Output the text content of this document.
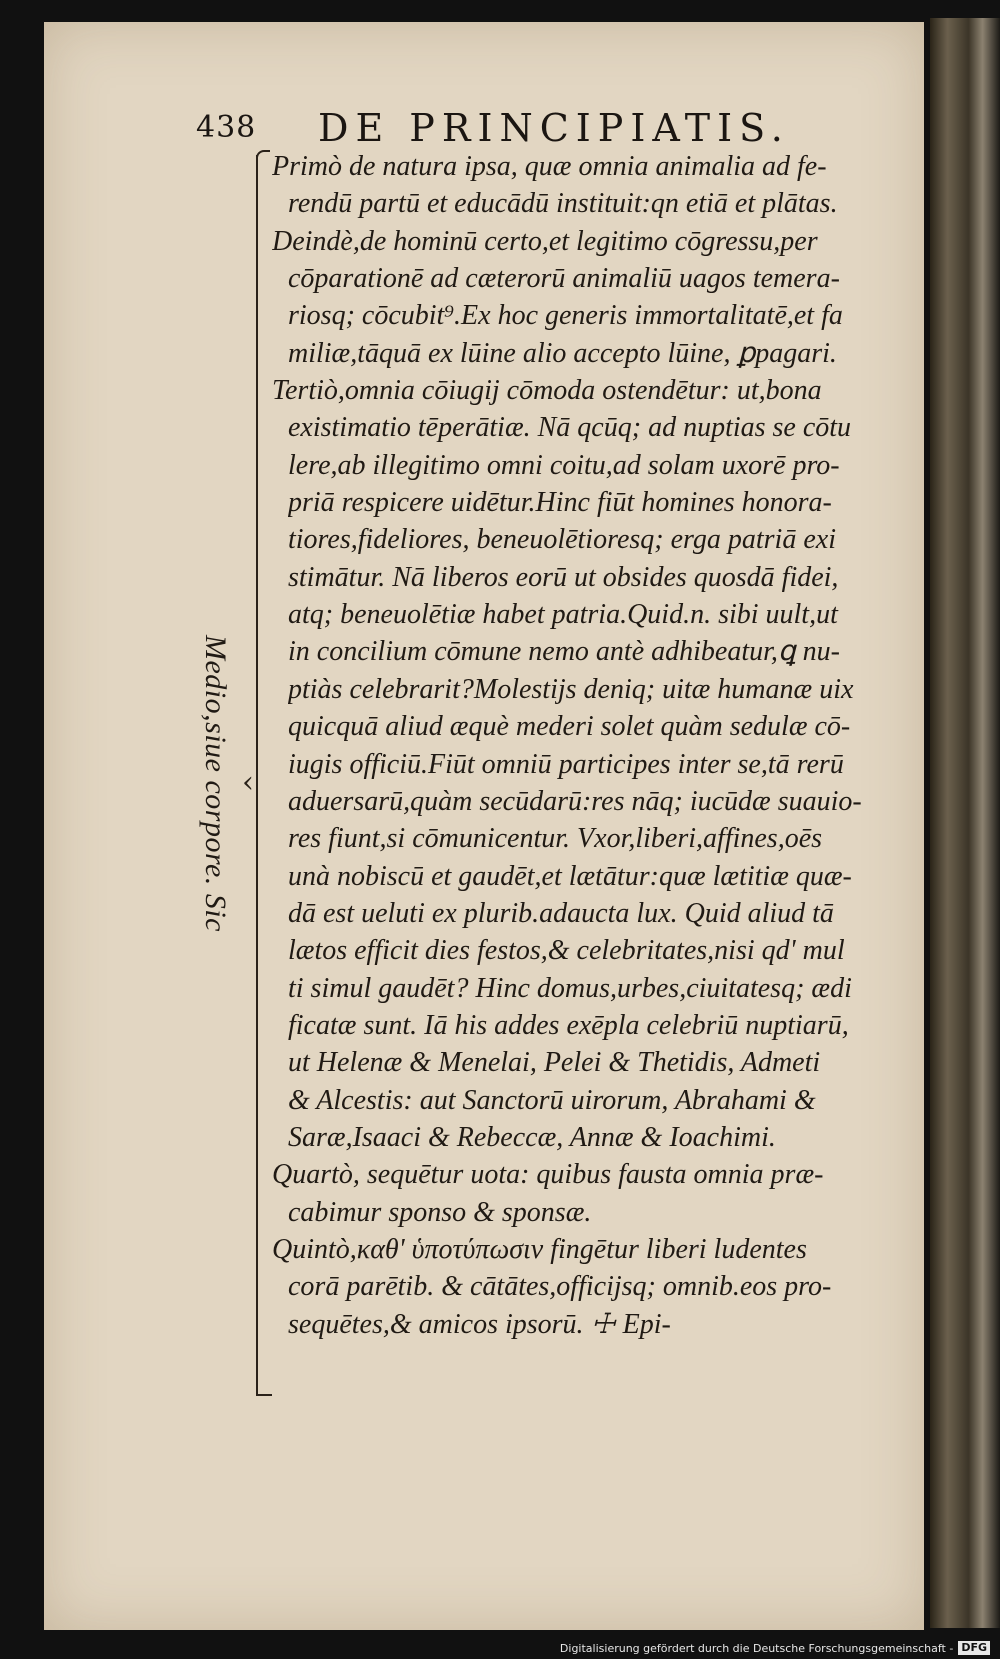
438 DE PRINCIPIATIS.
‹
Medio,siue corpore. Sic
Primò de natura ipsa, quæ omnia animalia ad fe-
rendū partū et educādū instituit:qn etiā et plātas.
Deindè,de hominū certo,et legitimo cōgressu,per
cōparationē ad cæterorū animaliū uagos temera-
riosq; cōcubit⁹.Ex hoc generis immortalitatē,et fa
miliæ,tāquā ex lūine alio accepto lūine, ꝑpagari.
Tertiò,omnia cōiugij cōmoda ostendētur: ut,bona
existimatio tēperātiæ. Nā qcūq; ad nuptias se cōtu
lere,ab illegitimo omni coitu,ad solam uxorē pro-
priā respicere uidētur.Hinc fiūt homines honora-
tiores,fideliores, beneuolētioresq; erga patriā exi
stimātur. Nā liberos eorū ut obsides quosdā fidei,
atq; beneuolētiæ habet patria.Quid.n. sibi uult,ut
in concilium cōmune nemo antè adhibeatur,ꝗ nu-
ptiàs celebrarit?Molestijs deniq; uitæ humanæ uix
quicquā aliud æquè mederi solet quàm sedulæ cō-
iugis officiū.Fiūt omniū participes inter se,tā rerū
aduersarū,quàm secūdarū:res nāq; iucūdæ suauio-
res fiunt,si cōmunicentur. Vxor,liberi,affines,oēs
unà nobiscū et gaudēt,et lætātur:quæ lætitiæ quæ-
dā est ueluti ex plurib.adaucta lux. Quid aliud tā
lætos efficit dies festos,& celebritates,nisi qd' mul
ti simul gaudēt? Hinc domus,urbes,ciuitatesq; ædi
ficatæ sunt. Iā his addes exēpla celebriū nuptiarū,
ut Helenæ & Menelai, Pelei & Thetidis, Admeti
& Alcestis: aut Sanctorū uirorum, Abrahami &
Saræ,Isaaci & Rebeccæ, Annæ & Ioachimi.
Quartò, sequētur uota: quibus fausta omnia præ-
cabimur sponso & sponsæ.
Quintò,καθ' ὑποτύπωσιν fingētur liberi ludentes
corā parētib. & cātātes,officijsq; omnib.eos pro-
sequētes,& amicos ipsorū. ☩ Epi-
Digitalisierung gefördert durch die Deutsche Forschungsgemeinschaft - DFG
